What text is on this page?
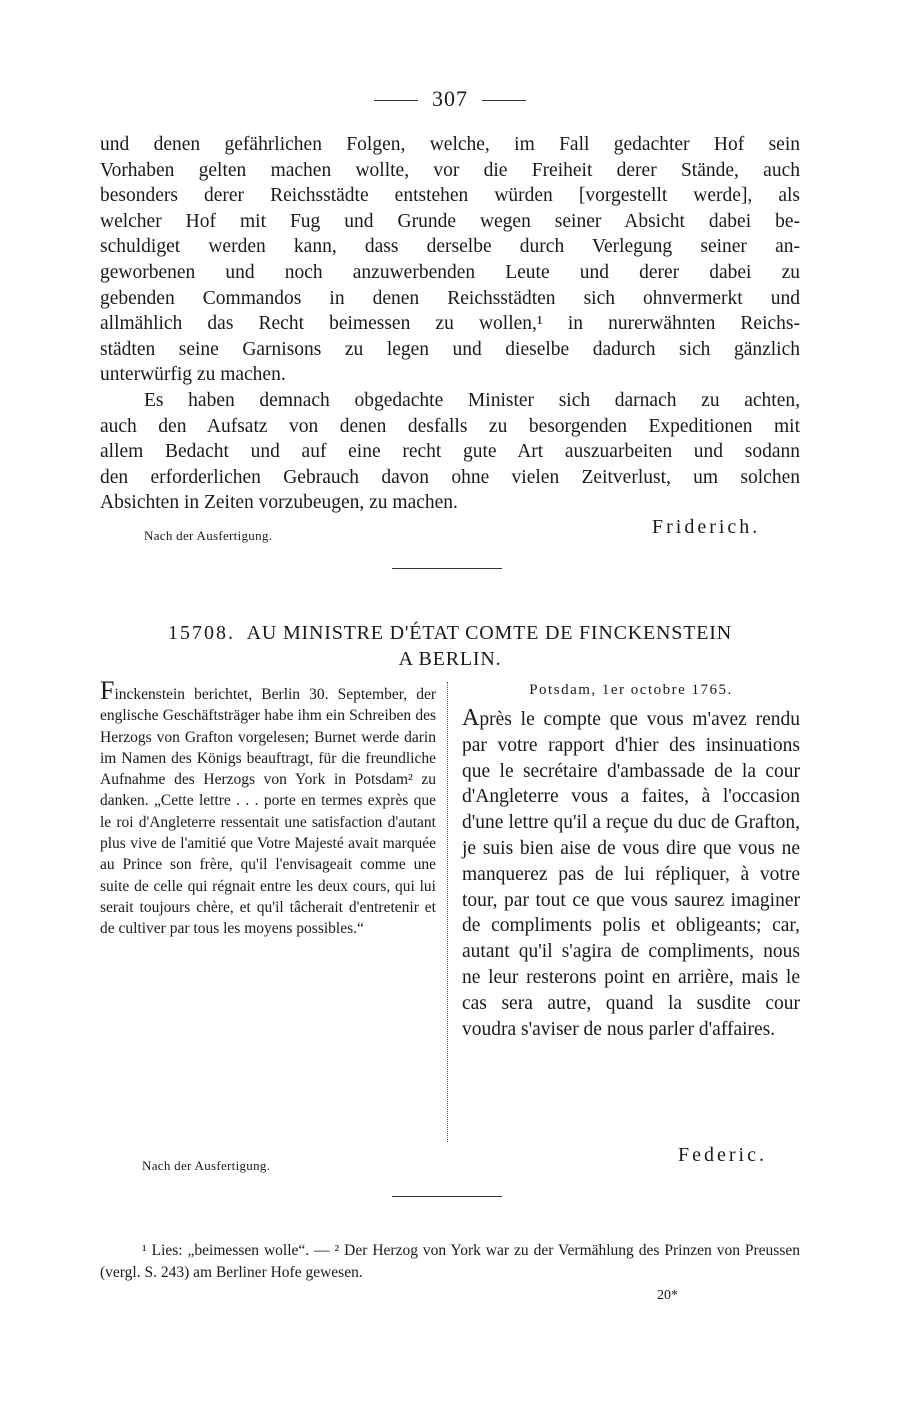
307
und denen gefährlichen Folgen, welche, im Fall gedachter Hof sein
Vorhaben gelten machen wollte, vor die Freiheit derer Stände, auch
besonders derer Reichsstädte entstehen würden [vorgestellt werde], als
welcher Hof mit Fug und Grunde wegen seiner Absicht dabei be-
schuldiget werden kann, dass derselbe durch Verlegung seiner an-
geworbenen und noch anzuwerbenden Leute und derer dabei zu
gebenden Commandos in denen Reichsstädten sich ohnvermerkt und
allmählich das Recht beimessen zu wollen,¹ in nurerwähnten Reichs-
städten seine Garnisons zu legen und dieselbe dadurch sich gänzlich
unterwürfig zu machen.
Es haben demnach obgedachte Minister sich darnach zu achten,
auch den Aufsatz von denen desfalls zu besorgenden Expeditionen mit
allem Bedacht und auf eine recht gute Art auszuarbeiten und sodann
den erforderlichen Gebrauch davon ohne vielen Zeitverlust, um solchen
Absichten in Zeiten vorzubeugen, zu machen.
Nach der Ausfertigung.	Friderich.
15708. AU MINISTRE D'ÉTAT COMTE DE FINCKENSTEIN
A BERLIN.
Finckenstein berichtet, Berlin 30. September, der englische Geschäftsträger habe ihm ein Schreiben des Herzogs von Grafton vorgelesen; Burnet werde darin im Namen des Königs beauftragt, für die freundliche Aufnahme des Herzogs von York in Potsdam² zu danken. „Cette lettre . . . porte en termes exprès que le roi d'Angleterre ressentait une satisfaction d'autant plus vive de l'amitié que Votre Majesté avait marquée au Prince son frère, qu'il l'envisageait comme une suite de celle qui régnait entre les deux cours, qui lui serait toujours chère, et qu'il tâcherait d'entretenir et de cultiver par tous les moyens possibles.“
Potsdam, 1er octobre 1765.
Après le compte que vous m'avez rendu par votre rapport d'hier des insinuations que le secrétaire d'ambassade de la cour d'Angleterre vous a faites, à l'occasion d'une lettre qu'il a reçue du duc de Grafton, je suis bien aise de vous dire que vous ne manquerez pas de lui répliquer, à votre tour, par tout ce que vous saurez imaginer de compliments polis et obligeants; car, autant qu'il s'agira de compliments, nous ne leur resterons point en arrière, mais le cas sera autre, quand la susdite cour voudra s'aviser de nous parler d'affaires.
Nach der Ausfertigung.	Federic.
¹ Lies: „beimessen wolle“. — ² Der Herzog von York war zu der Vermählung des Prinzen von Preussen (vergl. S. 243) am Berliner Hofe gewesen.
20*
